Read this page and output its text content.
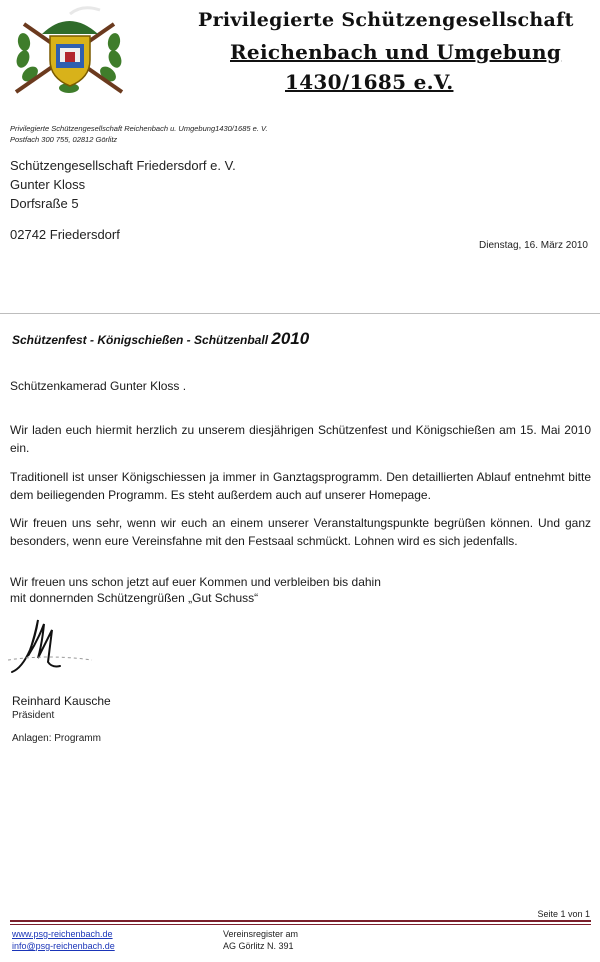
Privilegierte Schützengesellschaft
Reichenbach und Umgebung
1430/1685 e.V.
Privilegierte Schützengesellschaft Reichenbach u. Umgebung1430/1685 e. V.
Postfach 300 755, 02812 Görlitz
Schützengesellschaft Friedersdorf e. V.
Gunter Kloss
Dorfsraße 5
02742 Friedersdorf
Dienstag, 16. März 2010
Schützenfest - Königschießen - Schützenball 2010
Schützenkamerad Gunter Kloss .
Wir laden euch hiermit herzlich zu unserem diesjährigen Schützenfest und Königschießen am 15. Mai 2010 ein.
Traditionell ist unser Königschiessen ja immer in Ganztagsprogramm. Den detaillierten Ablauf entnehmt bitte dem beiliegenden Programm. Es steht außerdem auch auf unserer Homepage.
Wir freuen uns sehr, wenn wir euch an einem unserer Veranstaltungspunkte begrüßen können. Und ganz besonders, wenn eure Vereinsfahne mit den Festsaal schmückt. Lohnen wird es sich jedenfalls.
Wir freuen uns schon jetzt auf euer Kommen und verbleiben bis dahin
mit donnernden Schützengrüßen „Gut Schuss“
Reinhard Kausche
Präsident
Anlagen: Programm
Seite 1 von 1
www.psg-reichenbach.de
info@psg-reichenbach.de
Vereinsregister am
AG Görlitz N. 391
